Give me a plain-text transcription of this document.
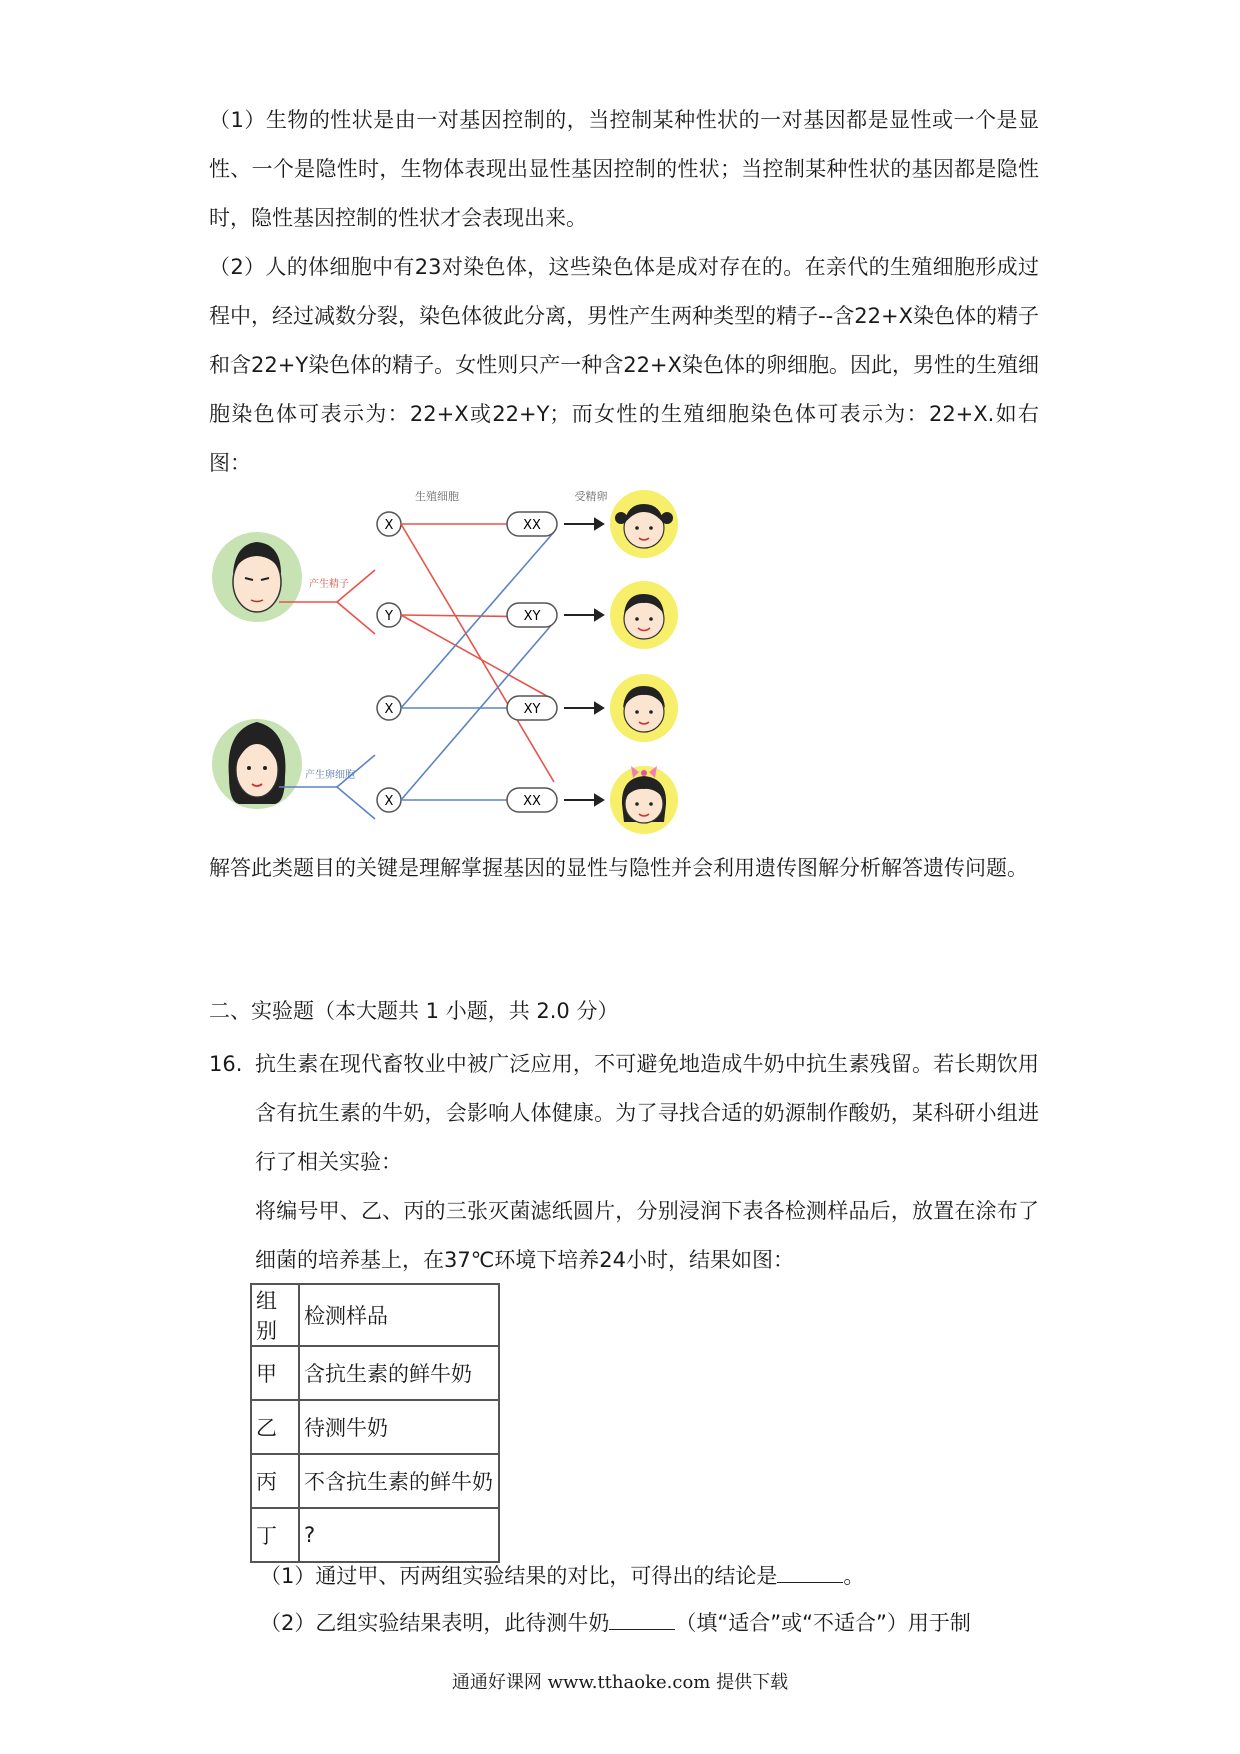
（1）生物的性状是由一对基因控制的，当控制某种性状的一对基因都是显性或一个是显性、一个是隐性时，生物体表现出显性基因控制的性状；当控制某种性状的基因都是隐性时，隐性基因控制的性状才会表现出来。

（2）人的体细胞中有23对染色体，这些染色体是成对存在的。在亲代的生殖细胞形成过程中，经过减数分裂，染色体彼此分离，男性产生两种类型的精子--含22+X染色体的精子和含22+Y染色体的精子。女性则只产一种含22+X染色体的卵细胞。因此，男性的生殖细胞染色体可表示为：22+X或22+Y；而女性的生殖细胞染色体可表示为：22+X.如右图：

生殖细胞	受精卵
产生精子
产生卵细胞
X
Y
X
X
XX
XY
XY
XX

解答此类题目的关键是理解掌握基因的显性与隐性并会利用遗传图解分析解答遗传问题。

二、实验题（本大题共 1 小题，共 2.0 分）

16. 抗生素在现代畜牧业中被广泛应用，不可避免地造成牛奶中抗生素残留。若长期饮用含有抗生素的牛奶，会影响人体健康。为了寻找合适的奶源制作酸奶，某科研小组进行了相关实验：

将编号甲、乙、丙的三张灭菌滤纸圆片，分别浸润下表各检测样品后，放置在涂布了细菌的培养基上，在37℃环境下培养24小时，结果如图：

组别	检测样品
甲	含抗生素的鲜牛奶
乙	待测牛奶
丙	不含抗生素的鲜牛奶
丁	?

（1）通过甲、丙两组实验结果的对比，可得出的结论是	。

（2）乙组实验结果表明，此待测牛奶	（填“适合”或“不适合”）用于制

通通好课网 www.tthaoke.com 提供下载
